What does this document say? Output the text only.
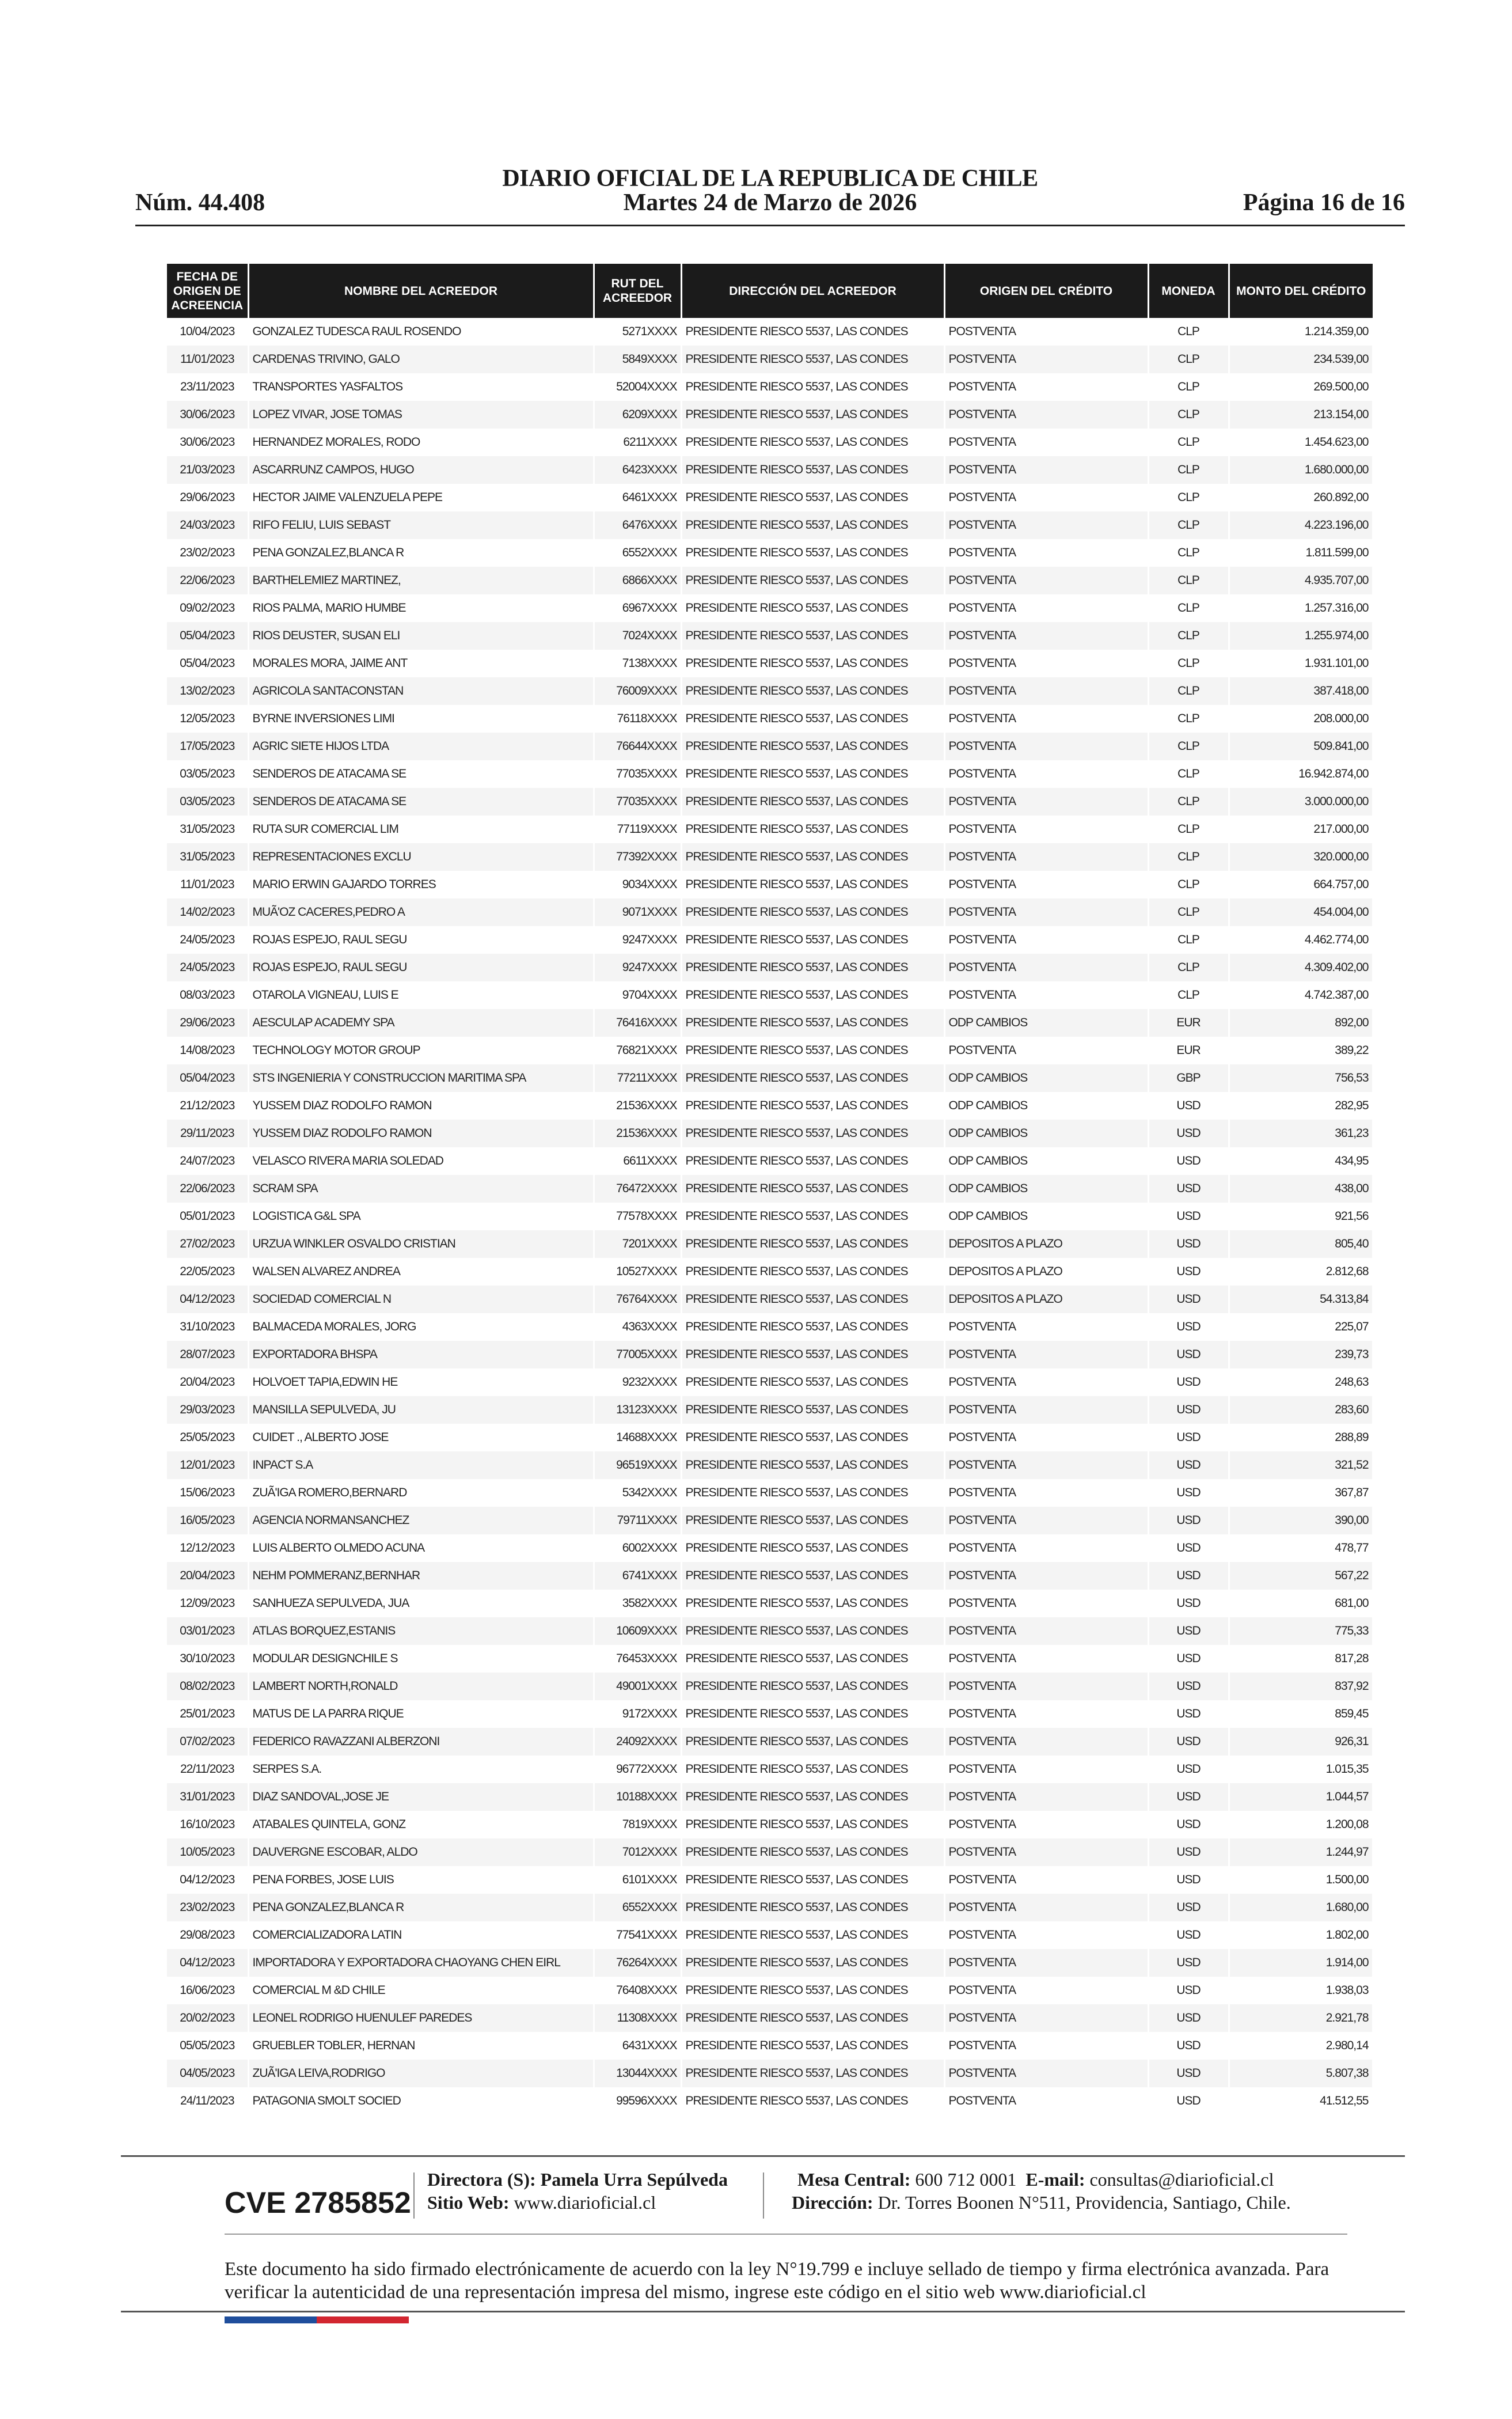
DIARIO OFICIAL DE LA REPUBLICA DE CHILE
Núm. 44.408	Martes 24 de Marzo de 2026	Página 16 de 16
FECHA DE ORIGEN DE ACREENCIA	NOMBRE DEL ACREEDOR	RUT DEL ACREEDOR	DIRECCIÓN DEL ACREEDOR	ORIGEN DEL CRÉDITO	MONEDA	MONTO DEL CRÉDITO
10/04/2023	GONZALEZ TUDESCA RAUL ROSENDO	5271XXXX	PRESIDENTE RIESCO 5537, LAS CONDES	POSTVENTA	CLP	1.214.359,00
11/01/2023	CARDENAS TRIVINO, GALO	5849XXXX	PRESIDENTE RIESCO 5537, LAS CONDES	POSTVENTA	CLP	234.539,00
23/11/2023	TRANSPORTES YASFALTOS	52004XXXX	PRESIDENTE RIESCO 5537, LAS CONDES	POSTVENTA	CLP	269.500,00
30/06/2023	LOPEZ VIVAR, JOSE TOMAS	6209XXXX	PRESIDENTE RIESCO 5537, LAS CONDES	POSTVENTA	CLP	213.154,00
30/06/2023	HERNANDEZ MORALES, RODO	6211XXXX	PRESIDENTE RIESCO 5537, LAS CONDES	POSTVENTA	CLP	1.454.623,00
21/03/2023	ASCARRUNZ CAMPOS, HUGO	6423XXXX	PRESIDENTE RIESCO 5537, LAS CONDES	POSTVENTA	CLP	1.680.000,00
29/06/2023	HECTOR JAIME VALENZUELA PEPE	6461XXXX	PRESIDENTE RIESCO 5537, LAS CONDES	POSTVENTA	CLP	260.892,00
24/03/2023	RIFO FELIU, LUIS SEBAST	6476XXXX	PRESIDENTE RIESCO 5537, LAS CONDES	POSTVENTA	CLP	4.223.196,00
23/02/2023	PENA GONZALEZ,BLANCA R	6552XXXX	PRESIDENTE RIESCO 5537, LAS CONDES	POSTVENTA	CLP	1.811.599,00
22/06/2023	BARTHELEMIEZ MARTINEZ,	6866XXXX	PRESIDENTE RIESCO 5537, LAS CONDES	POSTVENTA	CLP	4.935.707,00
09/02/2023	RIOS PALMA, MARIO HUMBE	6967XXXX	PRESIDENTE RIESCO 5537, LAS CONDES	POSTVENTA	CLP	1.257.316,00
05/04/2023	RIOS DEUSTER, SUSAN ELI	7024XXXX	PRESIDENTE RIESCO 5537, LAS CONDES	POSTVENTA	CLP	1.255.974,00
05/04/2023	MORALES MORA, JAIME ANT	7138XXXX	PRESIDENTE RIESCO 5537, LAS CONDES	POSTVENTA	CLP	1.931.101,00
13/02/2023	AGRICOLA SANTACONSTAN	76009XXXX	PRESIDENTE RIESCO 5537, LAS CONDES	POSTVENTA	CLP	387.418,00
12/05/2023	BYRNE INVERSIONES LIMI	76118XXXX	PRESIDENTE RIESCO 5537, LAS CONDES	POSTVENTA	CLP	208.000,00
17/05/2023	AGRIC SIETE HIJOS LTDA	76644XXXX	PRESIDENTE RIESCO 5537, LAS CONDES	POSTVENTA	CLP	509.841,00
03/05/2023	SENDEROS DE ATACAMA SE	77035XXXX	PRESIDENTE RIESCO 5537, LAS CONDES	POSTVENTA	CLP	16.942.874,00
03/05/2023	SENDEROS DE ATACAMA SE	77035XXXX	PRESIDENTE RIESCO 5537, LAS CONDES	POSTVENTA	CLP	3.000.000,00
31/05/2023	RUTA SUR COMERCIAL LIM	77119XXXX	PRESIDENTE RIESCO 5537, LAS CONDES	POSTVENTA	CLP	217.000,00
31/05/2023	REPRESENTACIONES EXCLU	77392XXXX	PRESIDENTE RIESCO 5537, LAS CONDES	POSTVENTA	CLP	320.000,00
11/01/2023	MARIO ERWIN GAJARDO TORRES	9034XXXX	PRESIDENTE RIESCO 5537, LAS CONDES	POSTVENTA	CLP	664.757,00
14/02/2023	MUÃ'OZ CACERES,PEDRO A	9071XXXX	PRESIDENTE RIESCO 5537, LAS CONDES	POSTVENTA	CLP	454.004,00
24/05/2023	ROJAS ESPEJO, RAUL SEGU	9247XXXX	PRESIDENTE RIESCO 5537, LAS CONDES	POSTVENTA	CLP	4.462.774,00
24/05/2023	ROJAS ESPEJO, RAUL SEGU	9247XXXX	PRESIDENTE RIESCO 5537, LAS CONDES	POSTVENTA	CLP	4.309.402,00
08/03/2023	OTAROLA VIGNEAU, LUIS E	9704XXXX	PRESIDENTE RIESCO 5537, LAS CONDES	POSTVENTA	CLP	4.742.387,00
29/06/2023	AESCULAP ACADEMY SPA	76416XXXX	PRESIDENTE RIESCO 5537, LAS CONDES	ODP CAMBIOS	EUR	892,00
14/08/2023	TECHNOLOGY MOTOR GROUP	76821XXXX	PRESIDENTE RIESCO 5537, LAS CONDES	POSTVENTA	EUR	389,22
05/04/2023	STS INGENIERIA Y CONSTRUCCION MARITIMA SPA	77211XXXX	PRESIDENTE RIESCO 5537, LAS CONDES	ODP CAMBIOS	GBP	756,53
21/12/2023	YUSSEM DIAZ RODOLFO RAMON	21536XXXX	PRESIDENTE RIESCO 5537, LAS CONDES	ODP CAMBIOS	USD	282,95
29/11/2023	YUSSEM DIAZ RODOLFO RAMON	21536XXXX	PRESIDENTE RIESCO 5537, LAS CONDES	ODP CAMBIOS	USD	361,23
24/07/2023	VELASCO RIVERA MARIA SOLEDAD	6611XXXX	PRESIDENTE RIESCO 5537, LAS CONDES	ODP CAMBIOS	USD	434,95
22/06/2023	SCRAM SPA	76472XXXX	PRESIDENTE RIESCO 5537, LAS CONDES	ODP CAMBIOS	USD	438,00
05/01/2023	LOGISTICA G&L SPA	77578XXXX	PRESIDENTE RIESCO 5537, LAS CONDES	ODP CAMBIOS	USD	921,56
27/02/2023	URZUA WINKLER OSVALDO CRISTIAN	7201XXXX	PRESIDENTE RIESCO 5537, LAS CONDES	DEPOSITOS A PLAZO	USD	805,40
22/05/2023	WALSEN ALVAREZ ANDREA	10527XXXX	PRESIDENTE RIESCO 5537, LAS CONDES	DEPOSITOS A PLAZO	USD	2.812,68
04/12/2023	SOCIEDAD COMERCIAL N	76764XXXX	PRESIDENTE RIESCO 5537, LAS CONDES	DEPOSITOS A PLAZO	USD	54.313,84
31/10/2023	BALMACEDA MORALES, JORG	4363XXXX	PRESIDENTE RIESCO 5537, LAS CONDES	POSTVENTA	USD	225,07
28/07/2023	EXPORTADORA BHSPA	77005XXXX	PRESIDENTE RIESCO 5537, LAS CONDES	POSTVENTA	USD	239,73
20/04/2023	HOLVOET TAPIA,EDWIN HE	9232XXXX	PRESIDENTE RIESCO 5537, LAS CONDES	POSTVENTA	USD	248,63
29/03/2023	MANSILLA SEPULVEDA, JU	13123XXXX	PRESIDENTE RIESCO 5537, LAS CONDES	POSTVENTA	USD	283,60
25/05/2023	CUIDET ., ALBERTO JOSE	14688XXXX	PRESIDENTE RIESCO 5537, LAS CONDES	POSTVENTA	USD	288,89
12/01/2023	INPACT S.A	96519XXXX	PRESIDENTE RIESCO 5537, LAS CONDES	POSTVENTA	USD	321,52
15/06/2023	ZUÃ'IGA ROMERO,BERNARD	5342XXXX	PRESIDENTE RIESCO 5537, LAS CONDES	POSTVENTA	USD	367,87
16/05/2023	AGENCIA NORMANSANCHEZ	79711XXXX	PRESIDENTE RIESCO 5537, LAS CONDES	POSTVENTA	USD	390,00
12/12/2023	LUIS ALBERTO OLMEDO ACUNA	6002XXXX	PRESIDENTE RIESCO 5537, LAS CONDES	POSTVENTA	USD	478,77
20/04/2023	NEHM POMMERANZ,BERNHAR	6741XXXX	PRESIDENTE RIESCO 5537, LAS CONDES	POSTVENTA	USD	567,22
12/09/2023	SANHUEZA SEPULVEDA, JUA	3582XXXX	PRESIDENTE RIESCO 5537, LAS CONDES	POSTVENTA	USD	681,00
03/01/2023	ATLAS BORQUEZ,ESTANIS	10609XXXX	PRESIDENTE RIESCO 5537, LAS CONDES	POSTVENTA	USD	775,33
30/10/2023	MODULAR DESIGNCHILE S	76453XXXX	PRESIDENTE RIESCO 5537, LAS CONDES	POSTVENTA	USD	817,28
08/02/2023	LAMBERT NORTH,RONALD	49001XXXX	PRESIDENTE RIESCO 5537, LAS CONDES	POSTVENTA	USD	837,92
25/01/2023	MATUS DE LA PARRA RIQUE	9172XXXX	PRESIDENTE RIESCO 5537, LAS CONDES	POSTVENTA	USD	859,45
07/02/2023	FEDERICO RAVAZZANI ALBERZONI	24092XXXX	PRESIDENTE RIESCO 5537, LAS CONDES	POSTVENTA	USD	926,31
22/11/2023	SERPES S.A.	96772XXXX	PRESIDENTE RIESCO 5537, LAS CONDES	POSTVENTA	USD	1.015,35
31/01/2023	DIAZ SANDOVAL,JOSE JE	10188XXXX	PRESIDENTE RIESCO 5537, LAS CONDES	POSTVENTA	USD	1.044,57
16/10/2023	ATABALES QUINTELA, GONZ	7819XXXX	PRESIDENTE RIESCO 5537, LAS CONDES	POSTVENTA	USD	1.200,08
10/05/2023	DAUVERGNE ESCOBAR, ALDO	7012XXXX	PRESIDENTE RIESCO 5537, LAS CONDES	POSTVENTA	USD	1.244,97
04/12/2023	PENA FORBES, JOSE LUIS	6101XXXX	PRESIDENTE RIESCO 5537, LAS CONDES	POSTVENTA	USD	1.500,00
23/02/2023	PENA GONZALEZ,BLANCA R	6552XXXX	PRESIDENTE RIESCO 5537, LAS CONDES	POSTVENTA	USD	1.680,00
29/08/2023	COMERCIALIZADORA LATIN	77541XXXX	PRESIDENTE RIESCO 5537, LAS CONDES	POSTVENTA	USD	1.802,00
04/12/2023	IMPORTADORA Y EXPORTADORA CHAOYANG CHEN EIRL	76264XXXX	PRESIDENTE RIESCO 5537, LAS CONDES	POSTVENTA	USD	1.914,00
16/06/2023	COMERCIAL M &D CHILE	76408XXXX	PRESIDENTE RIESCO 5537, LAS CONDES	POSTVENTA	USD	1.938,03
20/02/2023	LEONEL RODRIGO HUENULEF PAREDES	11308XXXX	PRESIDENTE RIESCO 5537, LAS CONDES	POSTVENTA	USD	2.921,78
05/05/2023	GRUEBLER TOBLER, HERNAN	6431XXXX	PRESIDENTE RIESCO 5537, LAS CONDES	POSTVENTA	USD	2.980,14
04/05/2023	ZUÃ'IGA LEIVA,RODRIGO	13044XXXX	PRESIDENTE RIESCO 5537, LAS CONDES	POSTVENTA	USD	5.807,38
24/11/2023	PATAGONIA SMOLT SOCIED	99596XXXX	PRESIDENTE RIESCO 5537, LAS CONDES	POSTVENTA	USD	41.512,55
CVE 2785852
Directora (S): Pamela Urra Sepúlveda
Sitio Web: www.diarioficial.cl
Mesa Central: 600 712 0001 E-mail: consultas@diarioficial.cl
Dirección: Dr. Torres Boonen N°511, Providencia, Santiago, Chile.
Este documento ha sido firmado electrónicamente de acuerdo con la ley N°19.799 e incluye sellado de tiempo y firma electrónica avanzada. Para verificar la autenticidad de una representación impresa del mismo, ingrese este código en el sitio web www.diarioficial.cl
